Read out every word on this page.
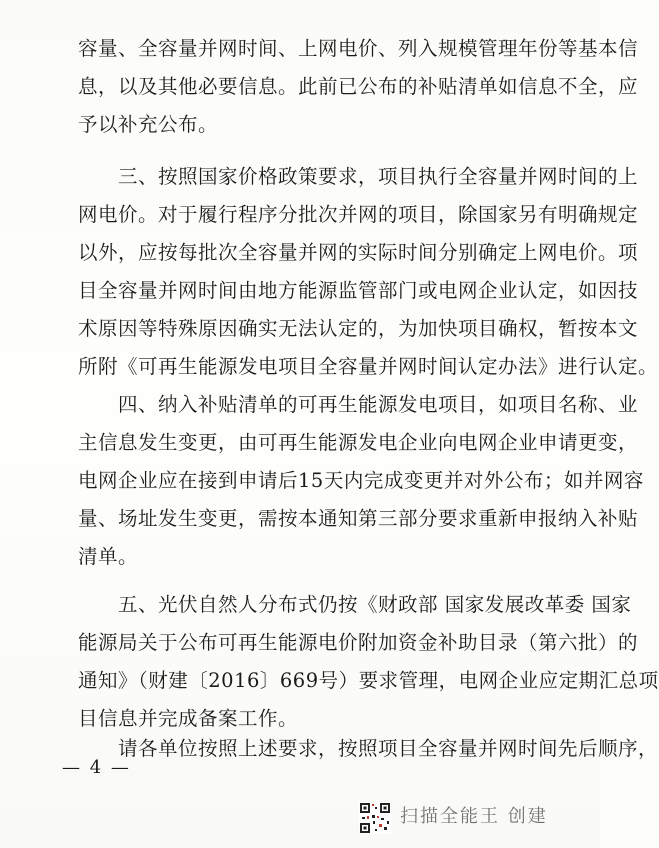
容量、全容量并网时间、上网电价、列入规模管理年份等基本信
息，以及其他必要信息。此前已公布的补贴清单如信息不全，应
予以补充公布。
　　三、按照国家价格政策要求，项目执行全容量并网时间的上
网电价。对于履行程序分批次并网的项目，除国家另有明确规定
以外，应按每批次全容量并网的实际时间分别确定上网电价。项
目全容量并网时间由地方能源监管部门或电网企业认定，如因技
术原因等特殊原因确实无法认定的，为加快项目确权，暂按本文
所附《可再生能源发电项目全容量并网时间认定办法》进行认定。
　　四、纳入补贴清单的可再生能源发电项目，如项目名称、业
主信息发生变更，由可再生能源发电企业向电网企业申请更变，
电网企业应在接到申请后15天内完成变更并对外公布；如并网容
量、场址发生变更，需按本通知第三部分要求重新申报纳入补贴
清单。
　　五、光伏自然人分布式仍按《财政部 国家发展改革委 国家
能源局关于公布可再生能源电价附加资金补助目录（第六批）的
通知》（财建〔2016〕669号）要求管理，电网企业应定期汇总项
目信息并完成备案工作。
　　请各单位按照上述要求，按照项目全容量并网时间先后顺序，
— 4 —
扫描全能王 创建
